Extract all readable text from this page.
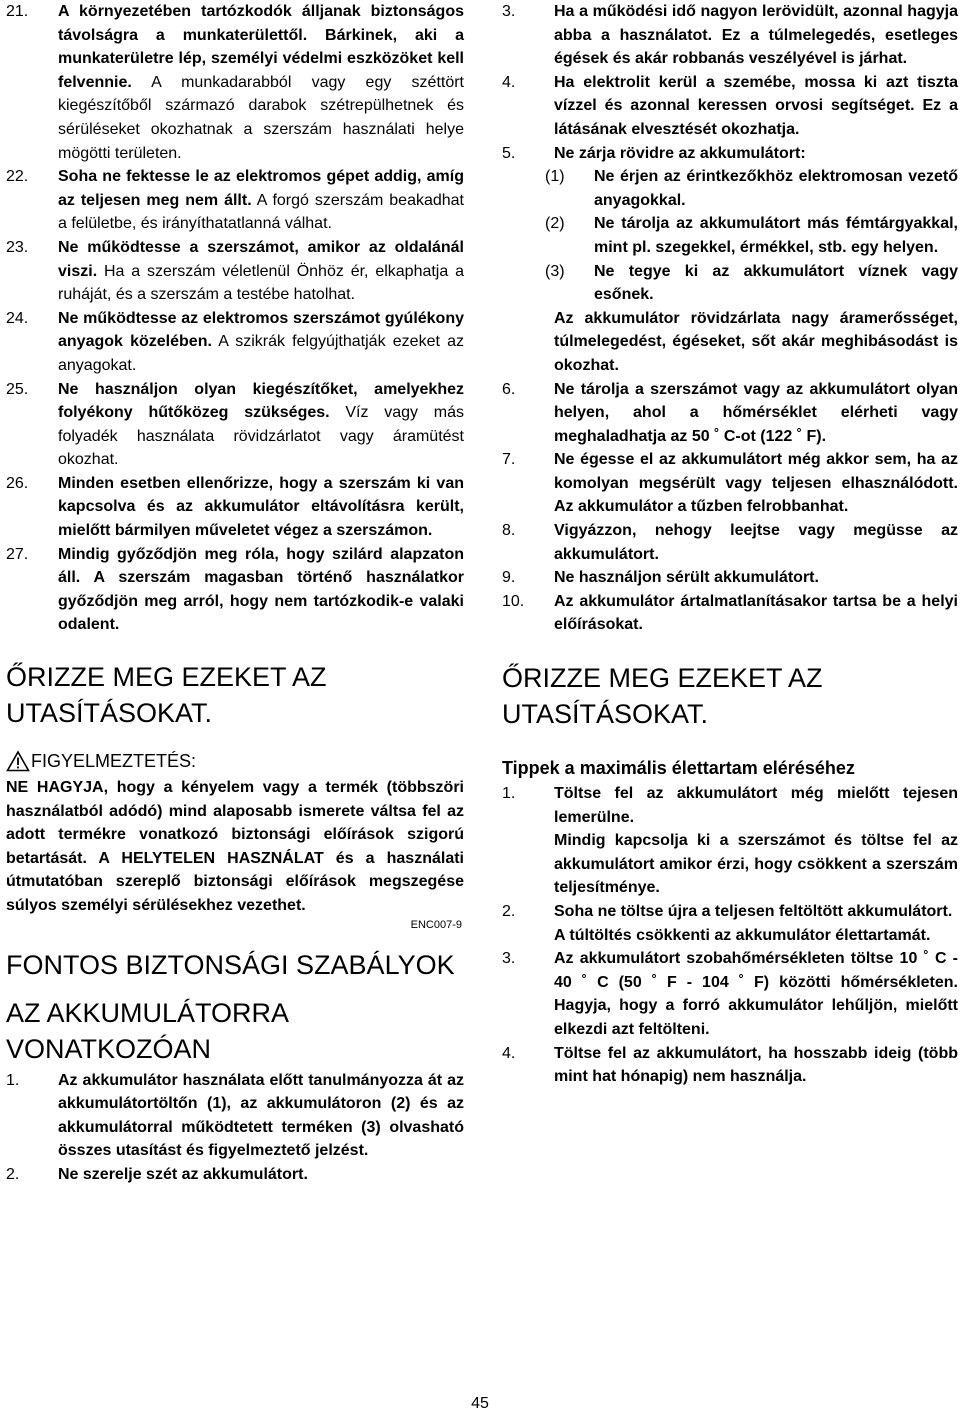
21.	A környezetében tartózkodók álljanak biztonságos távolságra a munkaterülettől. Bárkinek, aki a munkaterületre lép, személyi védelmi eszközöket kell felvennie. A munkadarabból vagy egy széttört kiegészítőből származó darabok szétrepülhetnek és sérüléseket okozhatnak a szerszám használati helye mögötti területen.

22.	Soha ne fektesse le az elektromos gépet addig, amíg az teljesen meg nem állt. A forgó szerszám beakadhat a felületbe, és irányíthatatlanná válhat.

23.	Ne működtesse a szerszámot, amikor az oldalánál viszi. Ha a szerszám véletlenül Önhöz ér, elkaphatja a ruháját, és a szerszám a testébe hatolhat.

24.	Ne működtesse az elektromos szerszámot gyúlékony anyagok közelében. A szikrák felgyújthatják ezeket az anyagokat.

25.	Ne használjon olyan kiegészítőket, amelyekhez folyékony hűtőközeg szükséges. Víz vagy más folyadék használata rövidzárlatot vagy áramütést okozhat.

26.	Minden esetben ellenőrizze, hogy a szerszám ki van kapcsolva és az akkumulátor eltávolításra került, mielőtt bármilyen műveletet végez a szerszámon.

27.	Mindig győződjön meg róla, hogy szilárd alapzaton áll. A szerszám magasban történő használatkor győződjön meg arról, hogy nem tartózkodik-e valaki odalent.

ŐRIZZE MEG EZEKET AZ UTASÍTÁSOKAT.
FIGYELMEZTETÉS:

NE HAGYJA, hogy a kényelem vagy a termék (többszöri használatból adódó) mind alaposabb ismerete váltsa fel az adott termékre vonatkozó biztonsági előírások szigorú betartását. A HELYTELEN HASZNÁLAT és a használati útmutatóban szereplő biztonsági előírások megszegése súlyos személyi sérülésekhez vezethet.

ENC007-9
FONTOS BIZTONSÁGI SZABÁLYOK
AZ AKKUMULÁTORRA VONATKOZÓAN
1.	Az akkumulátor használata előtt tanulmányozza át az akkumulátortöltőn (1), az akkumulátoron (2) és az akkumulátorral működtetett terméken (3) olvasható összes utasítást és figyelmeztető jelzést.

2.	Ne szerelje szét az akkumulátort.

3.	Ha a működési idő nagyon lerövidült, azonnal hagyja abba a használatot. Ez a túlmelegedés, esetleges égések és akár robbanás veszélyével is járhat.

4.	Ha elektrolit kerül a szemébe, mossa ki azt tiszta vízzel és azonnal keressen orvosi segítséget. Ez a látásának elvesztését okozhatja.

5.	Ne zárja rövidre az akkumulátort:

(1)	Ne érjen az érintkezőkhöz elektromosan vezető anyagokkal.

(2)	Ne tárolja az akkumulátort más fémtárgyakkal, mint pl. szegekkel, érmékkel, stb. egy helyen.

(3)	Ne tegye ki az akkumulátort víznek vagy esőnek.

Az akkumulátor rövidzárlata nagy áramerősséget, túlmelegedést, égéseket, sőt akár meghibásodást is okozhat.

6.	Ne tárolja a szerszámot vagy az akkumulátort olyan helyen, ahol a hőmérséklet elérheti vagy meghaladhatja az 50 ˚ C-ot (122 ˚ F).

7.	Ne égesse el az akkumulátort még akkor sem, ha az komolyan megsérült vagy teljesen elhasználódott. Az akkumulátor a tűzben felrobbanhat.

8.	Vigyázzon, nehogy leejtse vagy megüsse az akkumulátort.

9.	Ne használjon sérült akkumulátort.

10.	Az akkumulátor ártalmatlanításakor tartsa be a helyi előírásokat.

ŐRIZZE MEG EZEKET AZ UTASÍTÁSOKAT.
Tippek a maximális élettartam eléréséhez
1.	Töltse fel az akkumulátort még mielőtt tejesen lemerülne.

Mindig kapcsolja ki a szerszámot és töltse fel az akkumulátort amikor érzi, hogy csökkent a szerszám teljesítménye.

2.	Soha ne töltse újra a teljesen feltöltött akkumulátort.

A túltöltés csökkenti az akkumulátor élettartamát.

3.	Az akkumulátort szobahőmérsékleten töltse 10 ˚ C - 40 ˚ C (50 ˚ F - 104 ˚ F) közötti hőmérsékleten. Hagyja, hogy a forró akkumulátor lehűljön, mielőtt elkezdi azt feltölteni.

4.	Töltse fel az akkumulátort, ha hosszabb ideig (több mint hat hónapig) nem használja.

45
